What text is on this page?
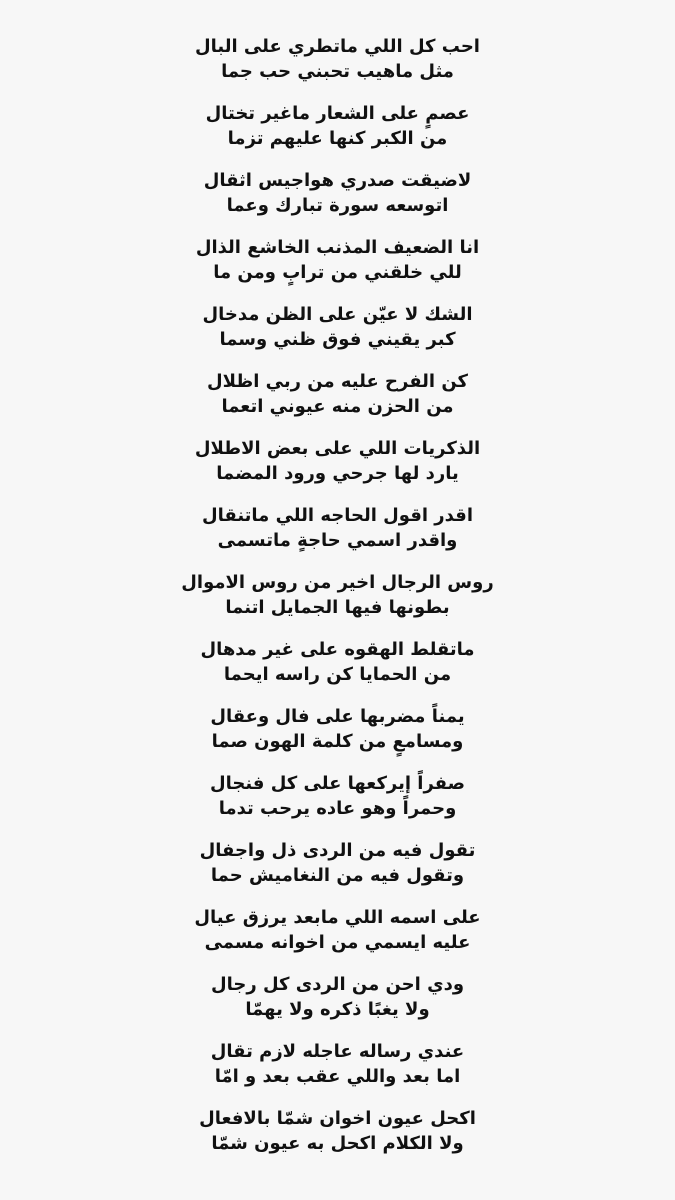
احب كل اللي ماتطري على البال
مثل ماهيب تحبني حب جما
عصمٍ على الشعار ماغير تختال
من الكبر كنها عليهم تزما
لاضيقت صدري هواجيس اثقال
اتوسعه سورة تبارك وعما
انا الضعيف المذنب الخاشع الذال
للي خلقني من ترابٍ ومن ما
الشك لا عيّن على الظن مدخال
كبر يقيني فوق ظني وسما
كن الفرح عليه من ربي اظلال
من الحزن منه عيوني اتعما
الذكريات اللي على بعض الاطلال
يارد لها جرحي ورود المضما
اقدر اقول الحاجه اللي ماتنقال
واقدر اسمي حاجةٍ ماتسمى
روس الرجال اخير من روس الاموال
بطونها فيها الجمايل اتنما
ماتقلط الهقوه على غير مدهال
من الحمايا كن راسه ايحما
يمناً مضربها على فال وعقال
ومسامعٍ من كلمة الهون صما
صفراً إيركعها على كل فنجال
وحمراً وهو عاده يرحب تدما
تقول فيه من الردى ذل واجفال
وتقول فيه من النغاميش حما
على اسمه اللي مابعد يرزق عيال
عليه ايسمي من اخوانه مسمى
ودي احن من الردى كل رجال
ولا يغبًا ذكره ولا يهمّا
عندي رساله عاجله لازم تقال
اما بعد واللي عقب بعد و امّا
اكحل عيون اخوان شمّا بالافعال
ولا الكلام اكحل به عيون شمّا
